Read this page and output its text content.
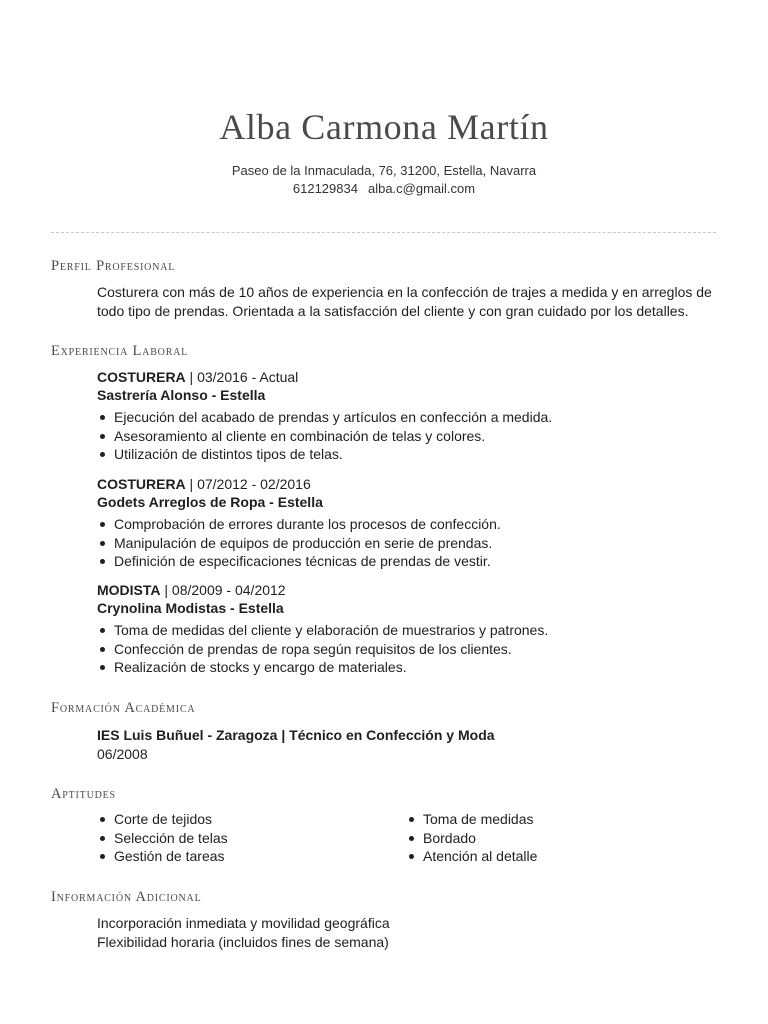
Alba Carmona Martín
Paseo de la Inmaculada, 76, 31200, Estella, Navarra
612129834 alba.c@gmail.com
Perfil Profesional
Costurera con más de 10 años de experiencia en la confección de trajes a medida y en arreglos de todo tipo de prendas. Orientada a la satisfacción del cliente y con gran cuidado por los detalles.
Experiencia Laboral
COSTURERA | 03/2016 - Actual
Sastrería Alonso - Estella
Ejecución del acabado de prendas y artículos en confección a medida.
Asesoramiento al cliente en combinación de telas y colores.
Utilización de distintos tipos de telas.
COSTURERA | 07/2012 - 02/2016
Godets Arreglos de Ropa - Estella
Comprobación de errores durante los procesos de confección.
Manipulación de equipos de producción en serie de prendas.
Definición de especificaciones técnicas de prendas de vestir.
MODISTA | 08/2009 - 04/2012
Crynolina Modistas - Estella
Toma de medidas del cliente y elaboración de muestrarios y patrones.
Confección de prendas de ropa según requisitos de los clientes.
Realización de stocks y encargo de materiales.
Formación Académica
IES Luis Buñuel - Zaragoza | Técnico en Confección y Moda
06/2008
Aptitudes
Corte de tejidos
Selección de telas
Gestión de tareas
Toma de medidas
Bordado
Atención al detalle
Información Adicional
Incorporación inmediata y movilidad geográfica
Flexibilidad horaria (incluidos fines de semana)
